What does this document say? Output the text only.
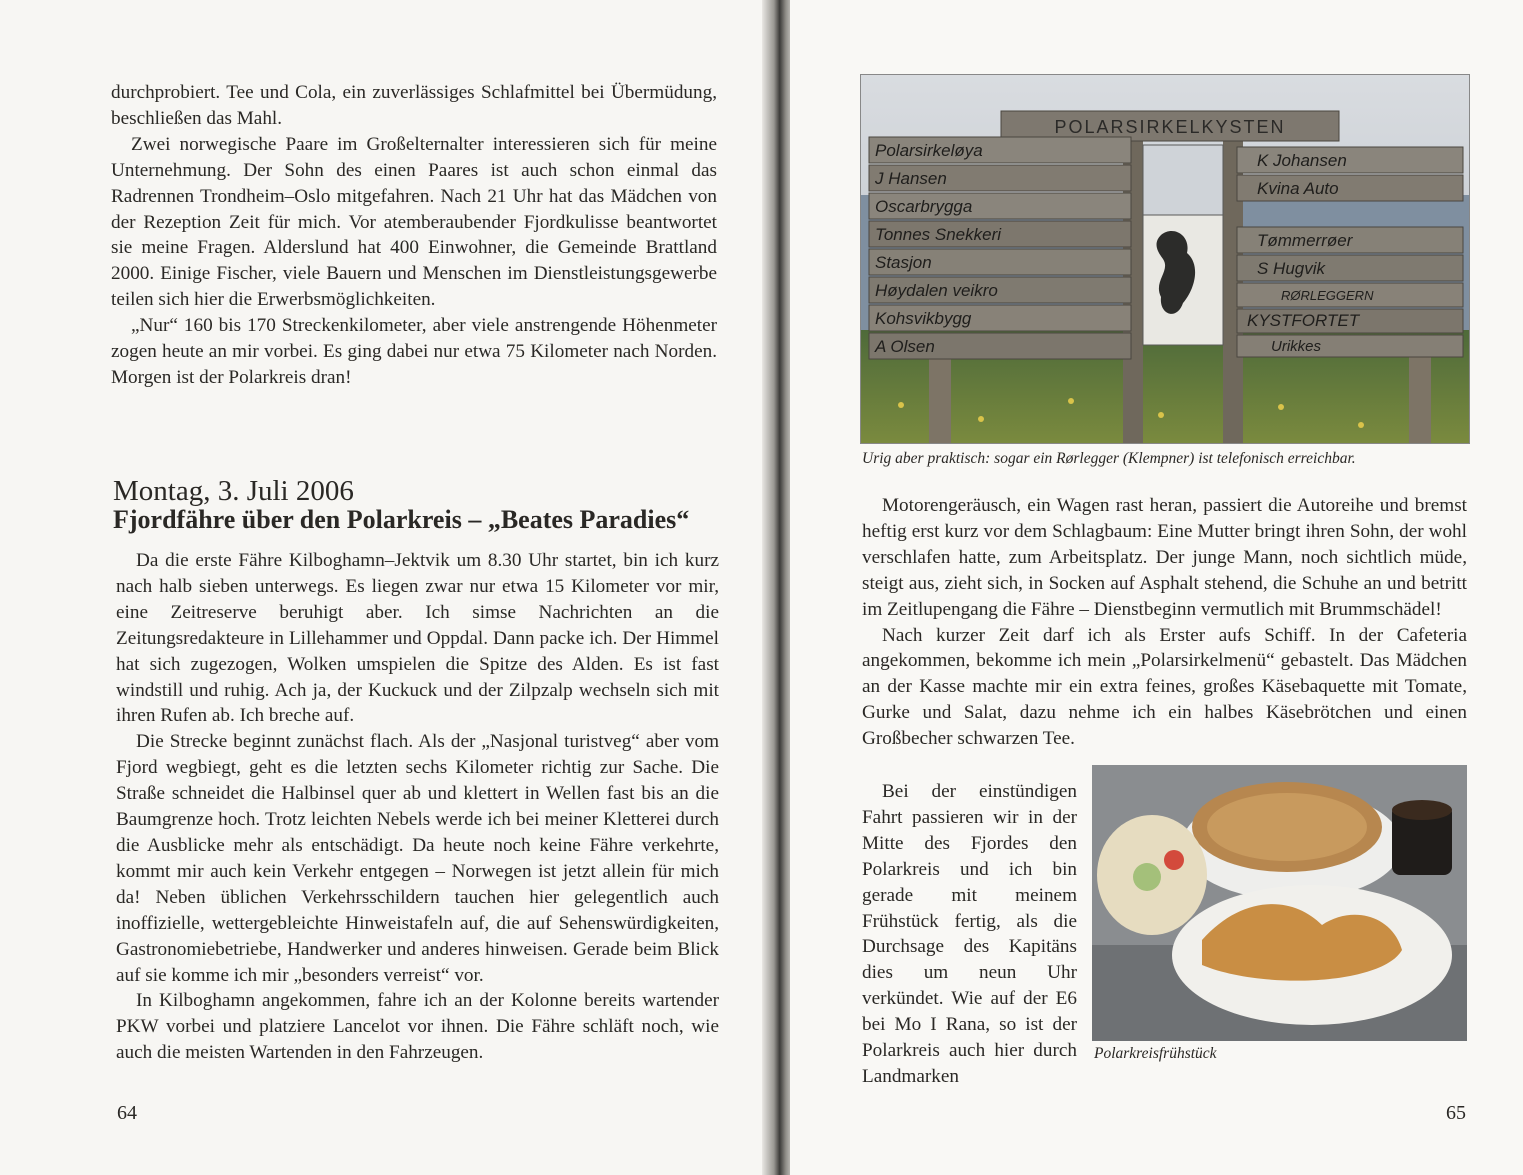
durchprobiert. Tee und Cola, ein zuverlässiges Schlafmittel bei Übermüdung, beschließen das Mahl.

Zwei norwegische Paare im Großelternalter interessieren sich für meine Unternehmung. Der Sohn des einen Paares ist auch schon einmal das Radrennen Trondheim–Oslo mitgefahren. Nach 21 Uhr hat das Mädchen von der Rezeption Zeit für mich. Vor atemberaubender Fjordkulisse beantwortet sie meine Fragen. Alderslund hat 400 Einwohner, die Gemeinde Brattland 2000. Einige Fischer, viele Bauern und Menschen im Dienstleistungsgewerbe teilen sich hier die Erwerbsmöglichkeiten.

„Nur“ 160 bis 170 Streckenkilometer, aber viele anstrengende Höhenmeter zogen heute an mir vorbei. Es ging dabei nur etwa 75 Kilometer nach Norden. Morgen ist der Polarkreis dran!

Montag, 3. Juli 2006
Fjordfähre über den Polarkreis – „Beates Paradies“

Da die erste Fähre Kilboghamn–Jektvik um 8.30 Uhr startet, bin ich kurz nach halb sieben unterwegs. Es liegen zwar nur etwa 15 Kilometer vor mir, eine Zeitreserve beruhigt aber. Ich simse Nachrichten an die Zeitungsredakteure in Lillehammer und Oppdal. Dann packe ich. Der Himmel hat sich zugezogen, Wolken umspielen die Spitze des Alden. Es ist fast windstill und ruhig. Ach ja, der Kuckuck und der Zilpzalp wechseln sich mit ihren Rufen ab. Ich breche auf.

Die Strecke beginnt zunächst flach. Als der „Nasjonal turistveg“ aber vom Fjord wegbiegt, geht es die letzten sechs Kilometer richtig zur Sache. Die Straße schneidet die Halbinsel quer ab und klettert in Wellen fast bis an die Baumgrenze hoch. Trotz leichten Nebels werde ich bei meiner Kletterei durch die Ausblicke mehr als entschädigt. Da heute noch keine Fähre verkehrte, kommt mir auch kein Verkehr entgegen – Norwegen ist jetzt allein für mich da! Neben üblichen Verkehrsschildern tauchen hier gelegentlich auch inoffizielle, wettergebleichte Hinweistafeln auf, die auf Sehenswürdigkeiten, Gastronomiebetriebe, Handwerker und anderes hinweisen. Gerade beim Blick auf sie komme ich mir „besonders verreist“ vor.

In Kilboghamn angekommen, fahre ich an der Kolonne bereits wartender PKW vorbei und platziere Lancelot vor ihnen. Die Fähre schläft noch, wie auch die meisten Wartenden in den Fahrzeugen.

64
POLARSIRKELKYSTEN
Polarsirkeløya
J Hansen
Oscarbrygga
Tonnes Snekkeri
Stasjon
Høydalen veikro
Kohsvikbygg
A Olsen
K Johansen
Kvina Auto
Tømmerrøer
S Hugvik
RØRLEGGERN
KYSTFORTET
Urikkes
Urig aber praktisch: sogar ein Rørlegger (Klempner) ist telefonisch erreichbar.

Motorengeräusch, ein Wagen rast heran, passiert die Autoreihe und bremst heftig erst kurz vor dem Schlagbaum: Eine Mutter bringt ihren Sohn, der wohl verschlafen hatte, zum Arbeitsplatz. Der junge Mann, noch sichtlich müde, steigt aus, zieht sich, in Socken auf Asphalt stehend, die Schuhe an und betritt im Zeitlupengang die Fähre – Dienstbeginn vermutlich mit Brummschädel!

Nach kurzer Zeit darf ich als Erster aufs Schiff. In der Cafeteria angekommen, bekomme ich mein „Polarsirkelmenü“ gebastelt. Das Mädchen an der Kasse machte mir ein extra feines, großes Käsebaquette mit Tomate, Gurke und Salat, dazu nehme ich ein halbes Käsebrötchen und einen Großbecher schwarzen Tee.

Bei der einstündigen Fahrt passieren wir in der Mitte des Fjordes den Polarkreis und ich bin gerade mit meinem Frühstück fertig, als die Durchsage des Kapitäns dies um neun Uhr verkündet. Wie auf der E6 bei Mo I Rana, so ist der Polarkreis auch hier durch Landmarken

Polarkreisfrühstück
65
